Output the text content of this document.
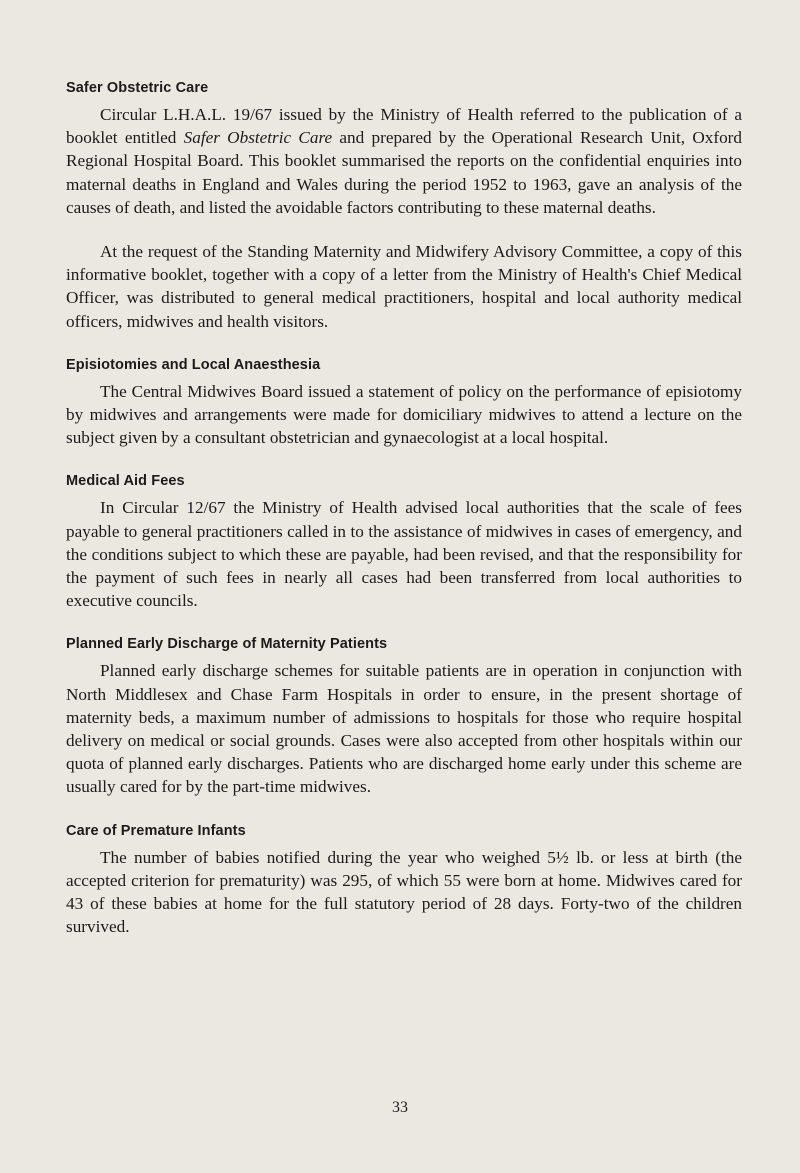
Safer Obstetric Care

Circular L.H.A.L. 19/67 issued by the Ministry of Health referred to the publication of a booklet entitled Safer Obstetric Care and prepared by the Operational Research Unit, Oxford Regional Hospital Board. This booklet summarised the reports on the confidential enquiries into maternal deaths in England and Wales during the period 1952 to 1963, gave an analysis of the causes of death, and listed the avoidable factors contributing to these maternal deaths.

At the request of the Standing Maternity and Midwifery Advisory Committee, a copy of this informative booklet, together with a copy of a letter from the Ministry of Health's Chief Medical Officer, was distributed to general medical practitioners, hospital and local authority medical officers, midwives and health visitors.

Episiotomies and Local Anaesthesia

The Central Midwives Board issued a statement of policy on the performance of episiotomy by midwives and arrangements were made for domiciliary midwives to attend a lecture on the subject given by a consultant obstetrician and gynaecologist at a local hospital.

Medical Aid Fees

In Circular 12/67 the Ministry of Health advised local authorities that the scale of fees payable to general practitioners called in to the assistance of midwives in cases of emergency, and the conditions subject to which these are payable, had been revised, and that the responsibility for the payment of such fees in nearly all cases had been transferred from local authorities to executive councils.

Planned Early Discharge of Maternity Patients

Planned early discharge schemes for suitable patients are in operation in conjunction with North Middlesex and Chase Farm Hospitals in order to ensure, in the present shortage of maternity beds, a maximum number of admissions to hospitals for those who require hospital delivery on medical or social grounds. Cases were also accepted from other hospitals within our quota of planned early discharges. Patients who are discharged home early under this scheme are usually cared for by the part-time midwives.

Care of Premature Infants

The number of babies notified during the year who weighed 5½ lb. or less at birth (the accepted criterion for prematurity) was 295, of which 55 were born at home. Midwives cared for 43 of these babies at home for the full statutory period of 28 days. Forty-two of the children survived.

33
